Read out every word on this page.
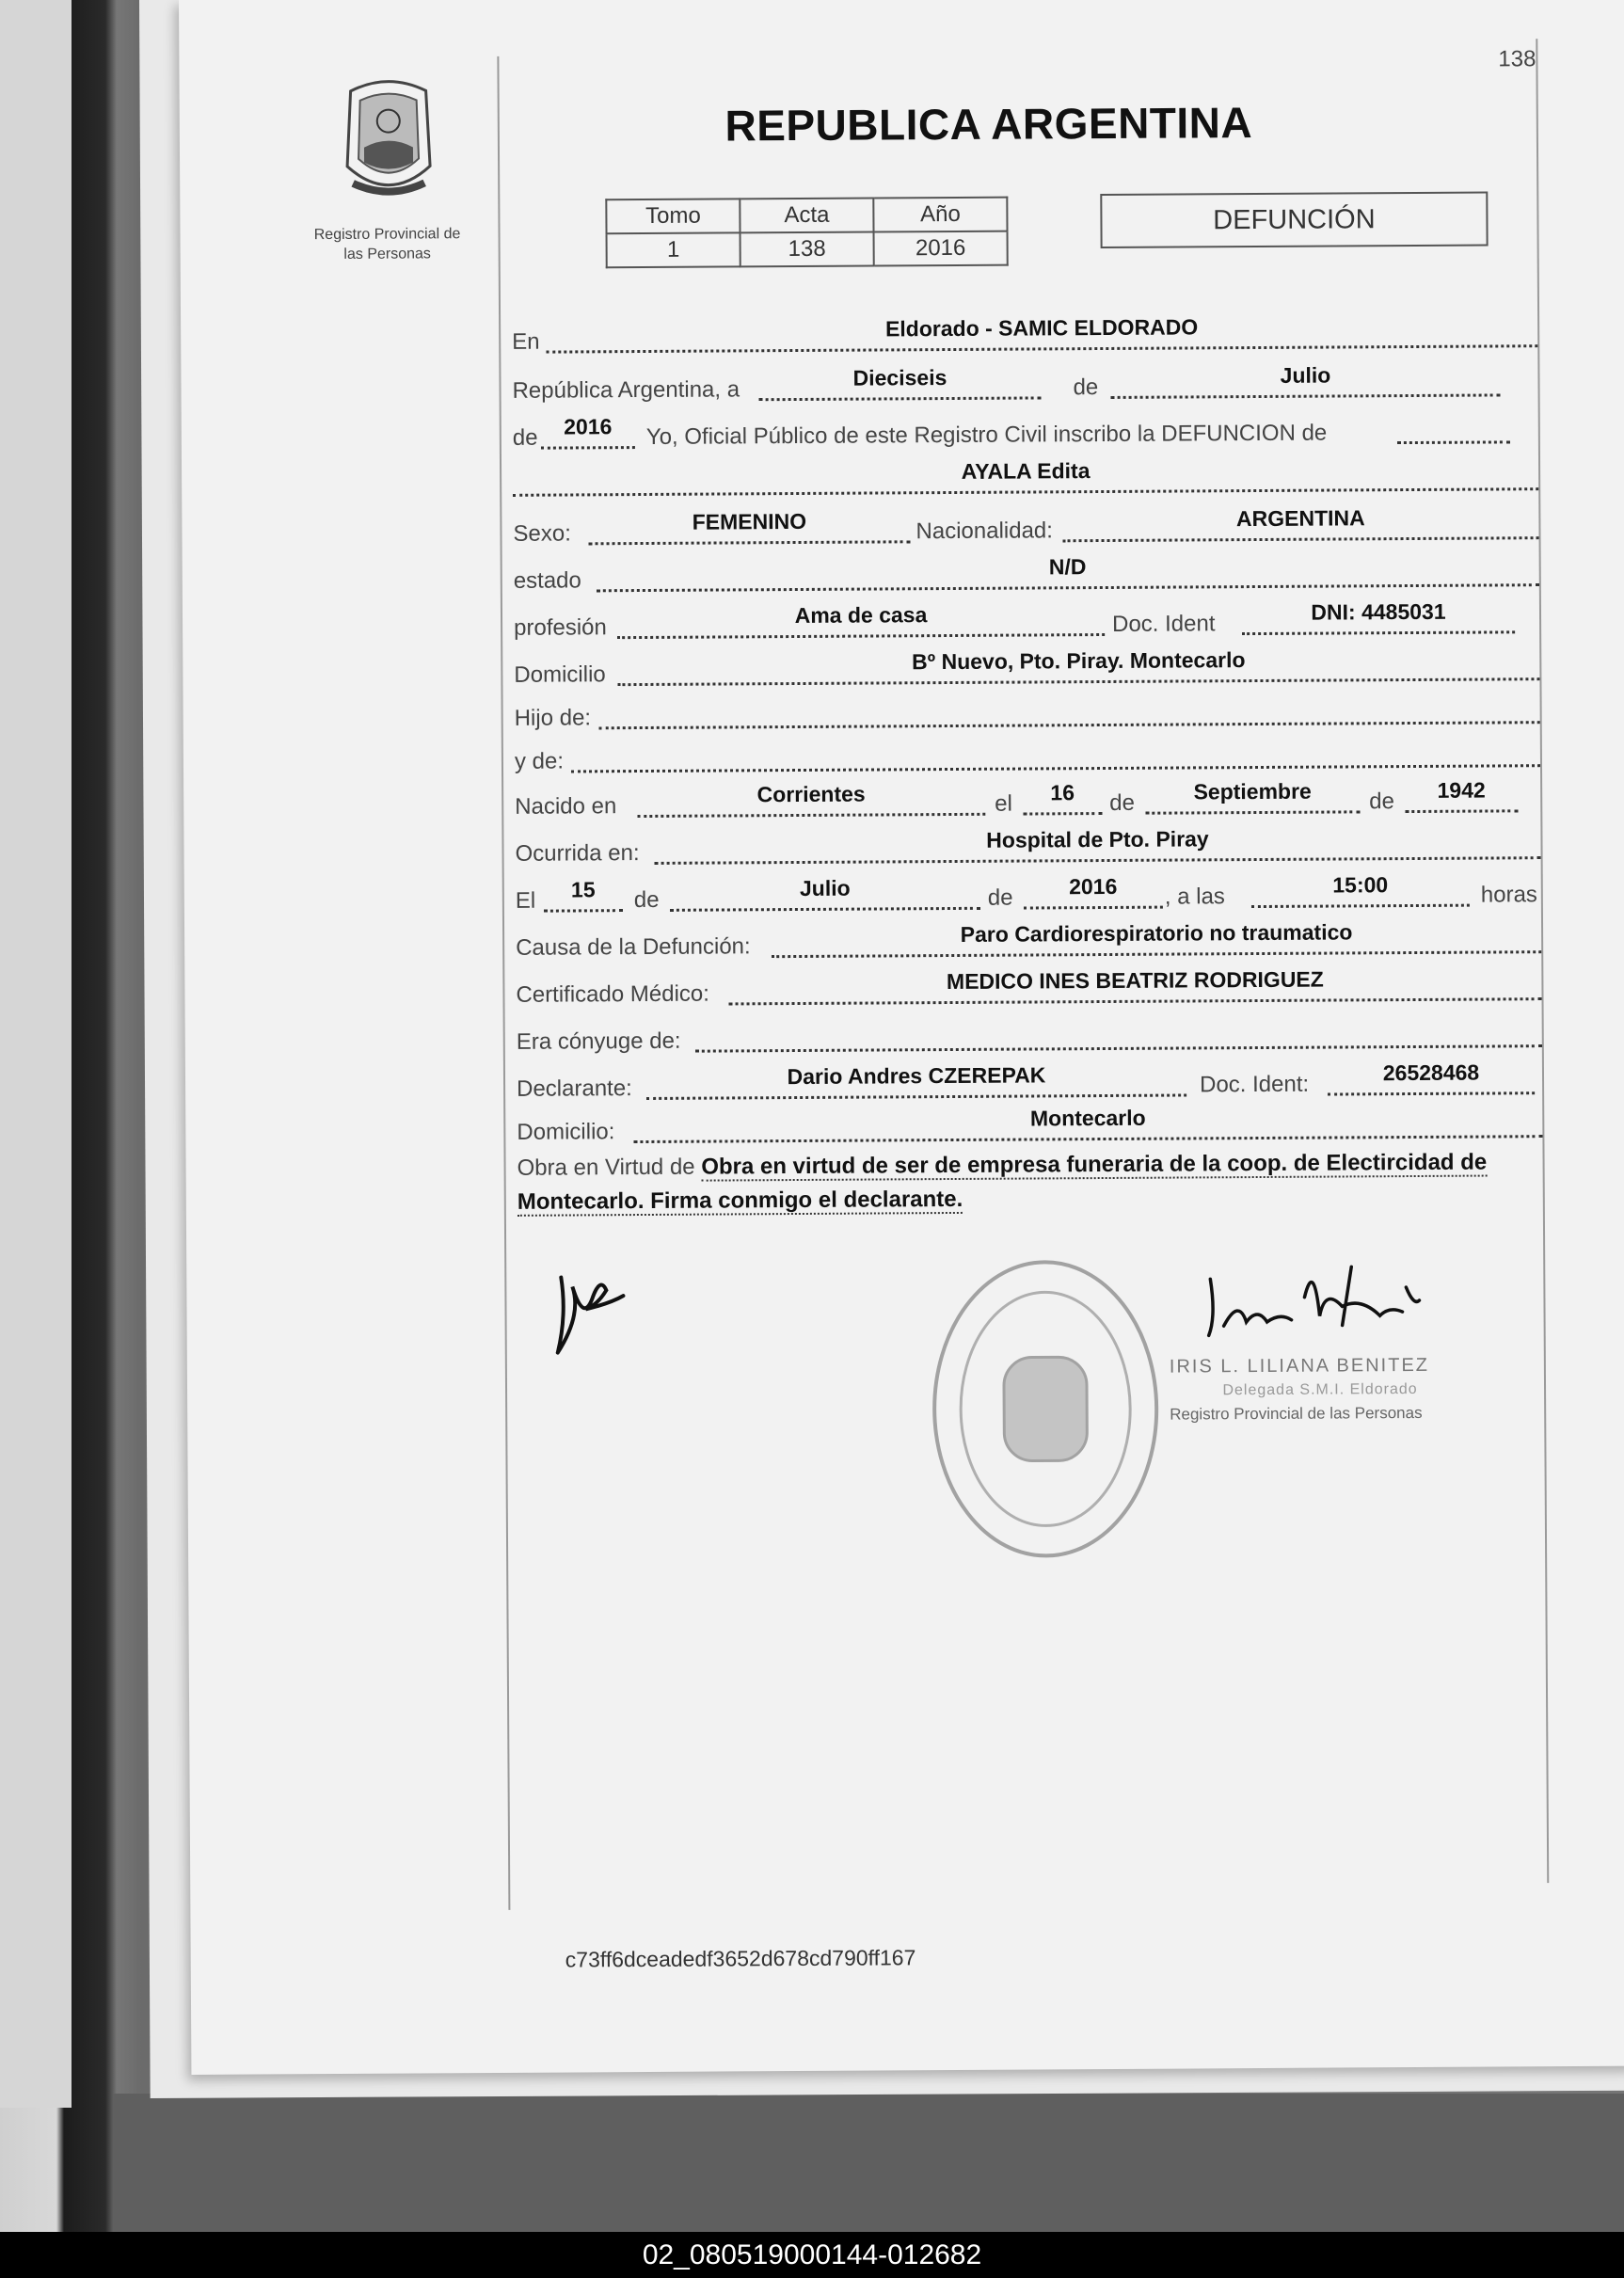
138
Registro Provincial de
las Personas
REPUBLICA ARGENTINA
Tomo	Acta	Año
1	138	2016
DEFUNCIÓN
En
Eldorado - SAMIC ELDORADO
República Argentina, a	Dieciseis	de	Julio
de	2016	Yo, Oficial Público de este Registro Civil inscribo la DEFUNCION de
AYALA Edita
Sexo:	FEMENINO	Nacionalidad:	ARGENTINA
estado
N/D
profesión	Ama de casa	Doc. Ident	DNI: 4485031
Domicilio
Bº Nuevo, Pto. Piray. Montecarlo
Hijo de:
y de:
Nacido en	Corrientes	el	16	de	Septiembre	de	1942
Ocurrida en:
Hospital de Pto. Piray
El	15	de	Julio	de	2016	, a las	15:00	horas
Causa de la Defunción:
Paro Cardiorespiratorio no traumatico
Certificado Médico:
MEDICO INES BEATRIZ RODRIGUEZ
Era cónyuge de:
Declarante:	Dario Andres CZEREPAK	Doc. Ident:	26528468
Domicilio:
Montecarlo
Obra en Virtud de Obra en virtud de ser de empresa funeraria de la coop. de Electircidad de Montecarlo. Firma conmigo el declarante.
IRIS L. LILIANA BENITEZ
Delegada S.M.I. Eldorado
Registro Provincial de las Personas
c73ff6dceadedf3652d678cd790ff167
02_080519000144-012682
